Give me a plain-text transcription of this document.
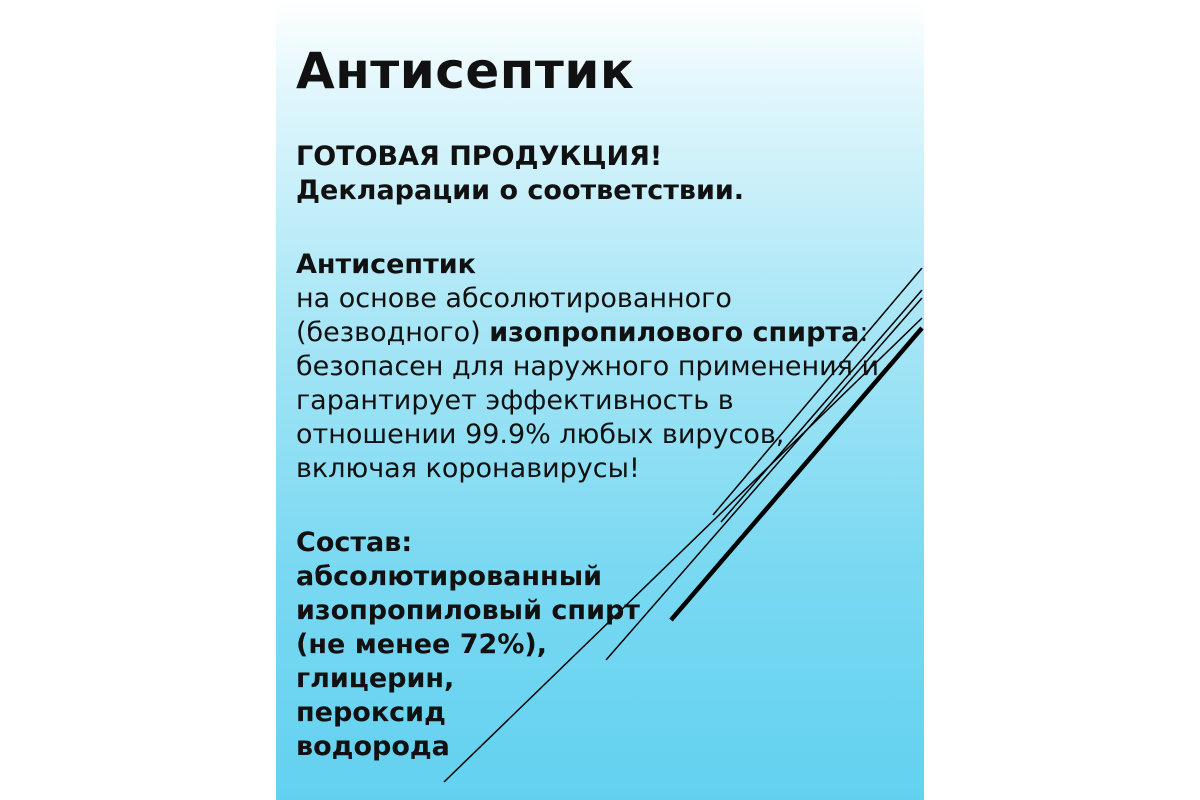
Антисептик
ГОТОВАЯ ПРОДУКЦИЯ!
Декларации о соответствии.
Антисептик
на основе абсолютированного
(безводного) изопропилового спирта:
безопасен для наружного применения и
гарантирует эффективность в
отношении 99.9% любых вирусов,
включая коронавирусы!
Состав:
абсолютированный
изопропиловый спирт
(не менее 72%),
глицерин,
пероксид
водорода
